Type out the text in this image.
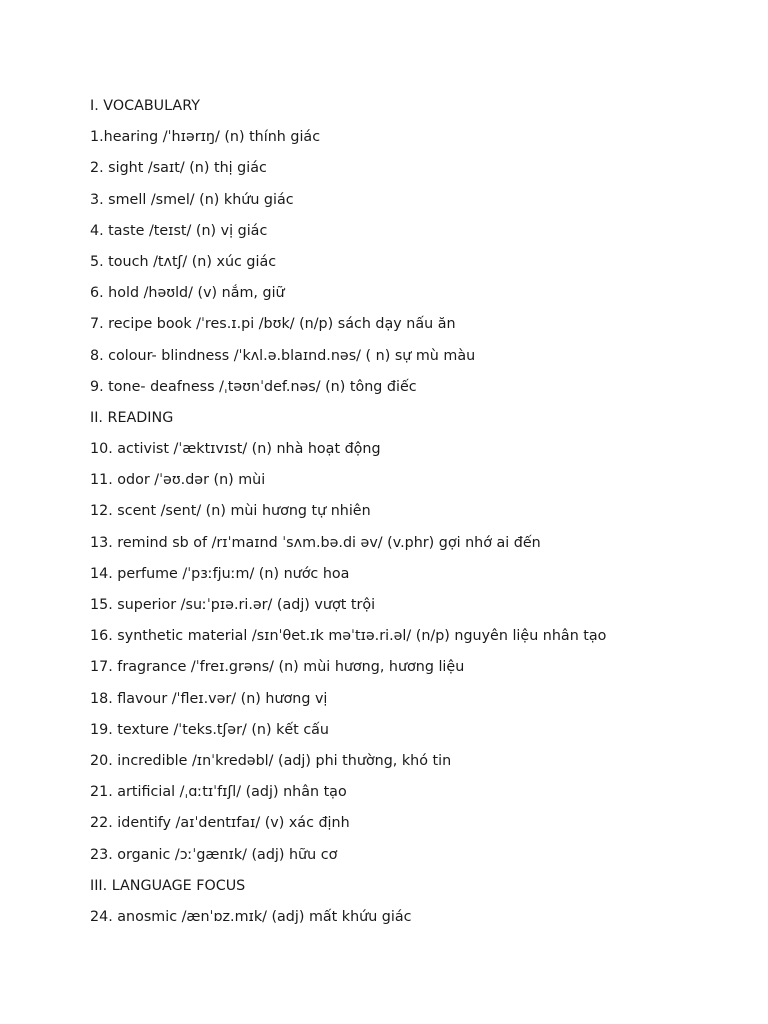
I. VOCABULARY
1.hearing /ˈhɪərɪŋ/ (n) thính giác
2. sight /saɪt/ (n) thị giác
3. smell /smel/ (n) khứu giác
4. taste /teɪst/ (n) vị giác
5. touch /tʌtʃ/ (n) xúc giác
6. hold /həʊld/ (v) nắm, giữ
7. recipe book /ˈres.ɪ.pi /bʊk/ (n/p) sách dạy nấu ăn
8. colour- blindness /ˈkʌl.ə.blaɪnd.nəs/ ( n) sự mù màu
9. tone- deafness /ˌtəʊnˈdef.nəs/ (n) tông điếc
II. READING
10. activist /ˈæktɪvɪst/ (n) nhà hoạt động
11. odor /ˈəʊ.dər (n) mùi
12. scent /sent/ (n) mùi hương tự nhiên
13. remind sb of /rɪˈmaɪnd ˈsʌm.bə.di əv/ (v.phr) gợi nhớ ai đến
14. perfume /ˈpɜːfjuːm/ (n) nước hoa
15. superior /suːˈpɪə.ri.ər/ (adj) vượt trội
16. synthetic material /sɪnˈθet.ɪk məˈtɪə.ri.əl/ (n/p) nguyên liệu nhân tạo
17. fragrance /ˈfreɪ.grəns/ (n) mùi hương, hương liệu
18. flavour /ˈfleɪ.vər/ (n) hương vị
19. texture /ˈteks.tʃər/ (n) kết cấu
20. incredible /ɪnˈkredəbl/ (adj) phi thường, khó tin
21. artificial /ˌɑːtɪˈfɪʃl/ (adj) nhân tạo
22. identify /aɪˈdentɪfaɪ/ (v) xác định
23. organic /ɔːˈgænɪk/ (adj) hữu cơ
III. LANGUAGE FOCUS
24. anosmic /ænˈɒz.mɪk/ (adj) mất khứu giác
